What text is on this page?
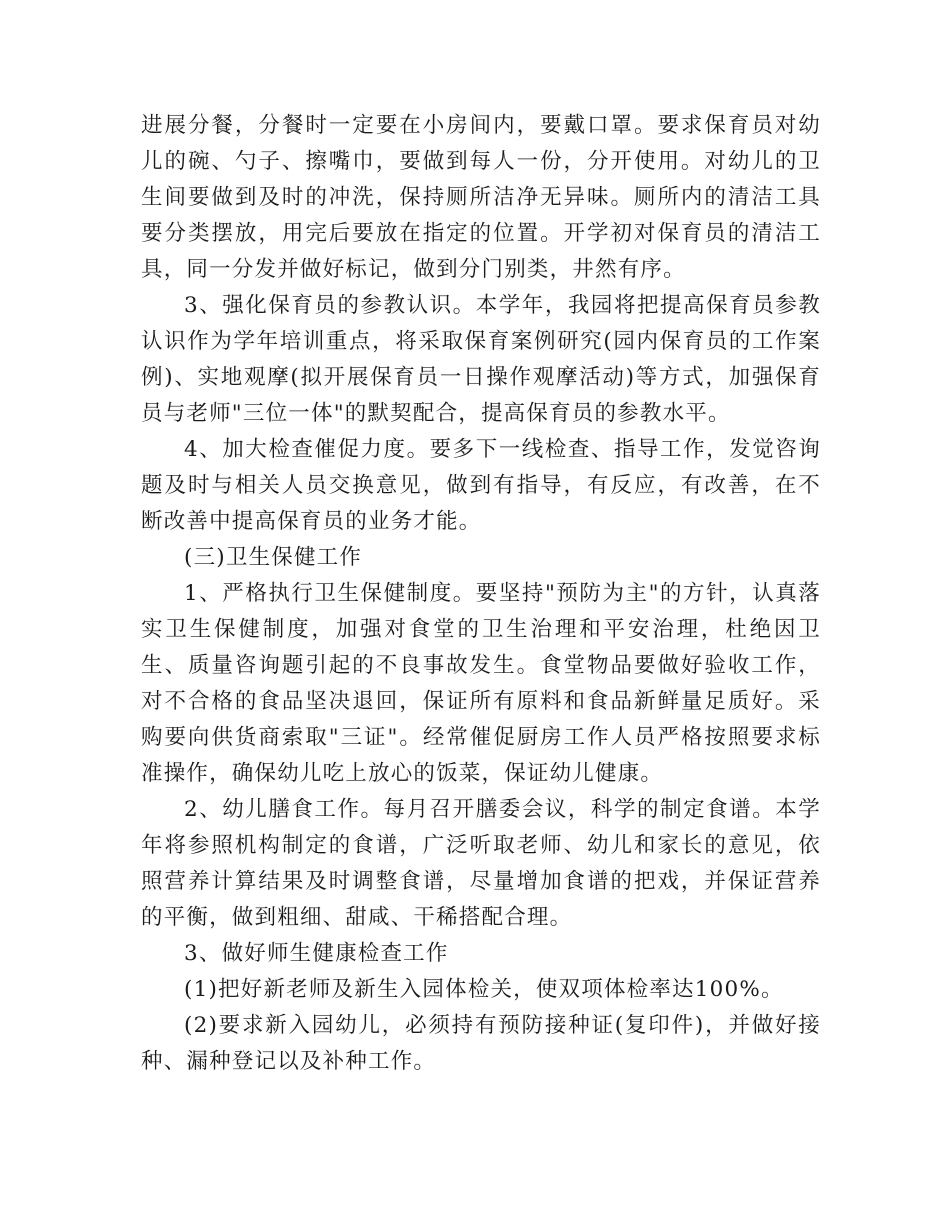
进展分餐，分餐时一定要在小房间内，要戴口罩。要求保育员对幼儿的碗、勺子、擦嘴巾，要做到每人一份，分开使用。对幼儿的卫生间要做到及时的冲洗，保持厕所洁净无异味。厕所内的清洁工具要分类摆放，用完后要放在指定的位置。开学初对保育员的清洁工具，同一分发并做好标记，做到分门别类，井然有序。

3、强化保育员的参教认识。本学年，我园将把提高保育员参教认识作为学年培训重点，将采取保育案例研究(园内保育员的工作案例)、实地观摩(拟开展保育员一日操作观摩活动)等方式，加强保育员与老师"三位一体"的默契配合，提高保育员的参教水平。

4、加大检查催促力度。要多下一线检查、指导工作，发觉咨询题及时与相关人员交换意见，做到有指导，有反应，有改善，在不断改善中提高保育员的业务才能。

(三)卫生保健工作

1、严格执行卫生保健制度。要坚持"预防为主"的方针，认真落实卫生保健制度，加强对食堂的卫生治理和平安治理，杜绝因卫生、质量咨询题引起的不良事故发生。食堂物品要做好验收工作，对不合格的食品坚决退回，保证所有原料和食品新鲜量足质好。采购要向供货商索取"三证"。经常催促厨房工作人员严格按照要求标准操作，确保幼儿吃上放心的饭菜，保证幼儿健康。

2、幼儿膳食工作。每月召开膳委会议，科学的制定食谱。本学年将参照机构制定的食谱，广泛听取老师、幼儿和家长的意见，依照营养计算结果及时调整食谱，尽量增加食谱的把戏，并保证营养的平衡，做到粗细、甜咸、干稀搭配合理。

3、做好师生健康检查工作

(1)把好新老师及新生入园体检关，使双项体检率达100%。

(2)要求新入园幼儿，必须持有预防接种证(复印件)，并做好接种、漏种登记以及补种工作。
